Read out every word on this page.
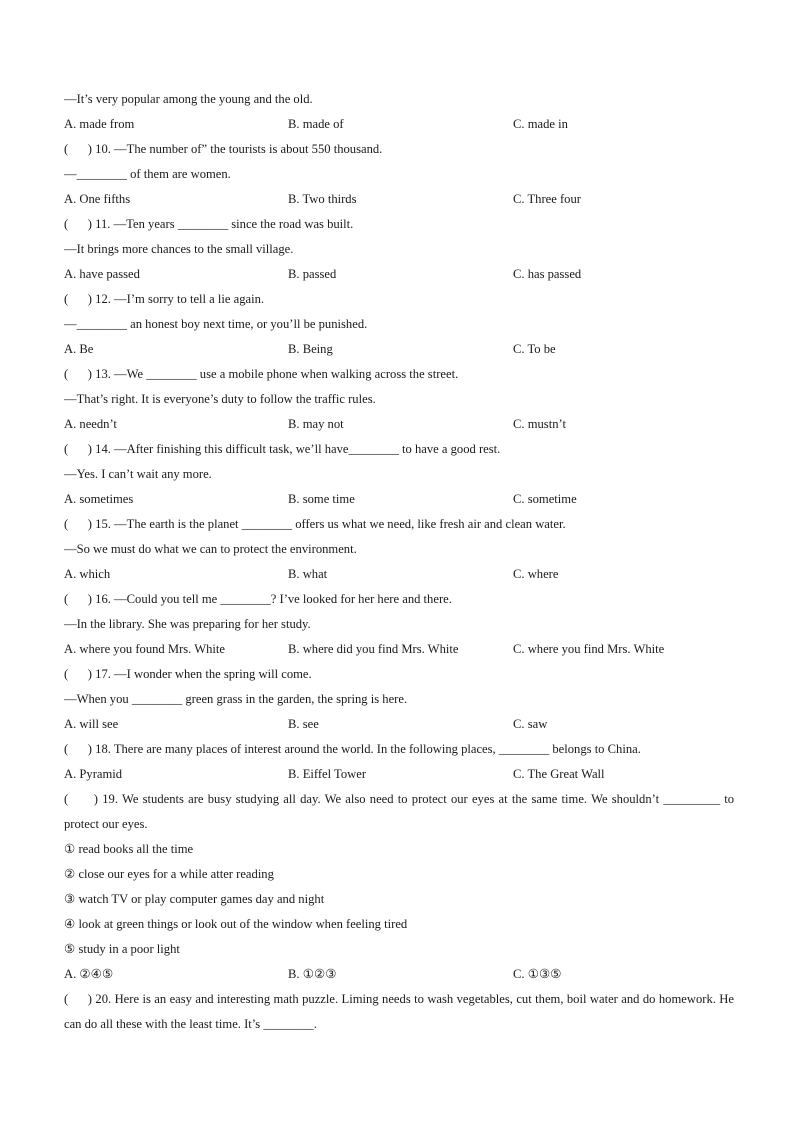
—It’s very popular among the young and the old.
A. made from	B. made of	C. made in
( ) 10. —The number of” the tourists is about 550 thousand.
—________ of them are women.
A. One fifths	B. Two thirds	C. Three four
( ) 11. —Ten years ________ since the road was built.
—It brings more chances to the small village.
A. have passed	B. passed	C. has passed
( ) 12. —I’m sorry to tell a lie again.
—________ an honest boy next time, or you’ll be punished.
A. Be	B. Being	C. To be
( ) 13. —We ________ use a mobile phone when walking across the street.
—That’s right. It is everyone’s duty to follow the traffic rules.
A. needn’t	B. may not	C. mustn’t
( ) 14. —After finishing this difficult task, we’ll have________ to have a good rest.
—Yes. I can’t wait any more.
A. sometimes	B. some time	C. sometime
( ) 15. —The earth is the planet ________ offers us what we need, like fresh air and clean water.
—So we must do what we can to protect the environment.
A. which	B. what	C. where
( ) 16. —Could you tell me ________? I’ve looked for her here and there.
—In the library. She was preparing for her study.
A. where you found Mrs. White	B. where did you find Mrs. White	C. where you find Mrs. White
( ) 17. —I wonder when the spring will come.
—When you ________ green grass in the garden, the spring is here.
A. will see	B. see	C. saw
( ) 18. There are many places of interest around the world. In the following places, ________ belongs to China.
A. Pyramid	B. Eiffel Tower	C. The Great Wall
( ) 19. We students are busy studying all day. We also need to protect our eyes at the same time. We shouldn’t _________ to protect our eyes.
① read books all the time
② close our eyes for a while atter reading
③ watch TV or play computer games day and night
④ look at green things or look out of the window when feeling tired
⑤ study in a poor light
A. ②④⑤	B. ①②③	C. ①③⑤
( ) 20. Here is an easy and interesting math puzzle. Liming needs to wash vegetables, cut them, boil water and do homework. He can do all these with the least time. It’s ________.
